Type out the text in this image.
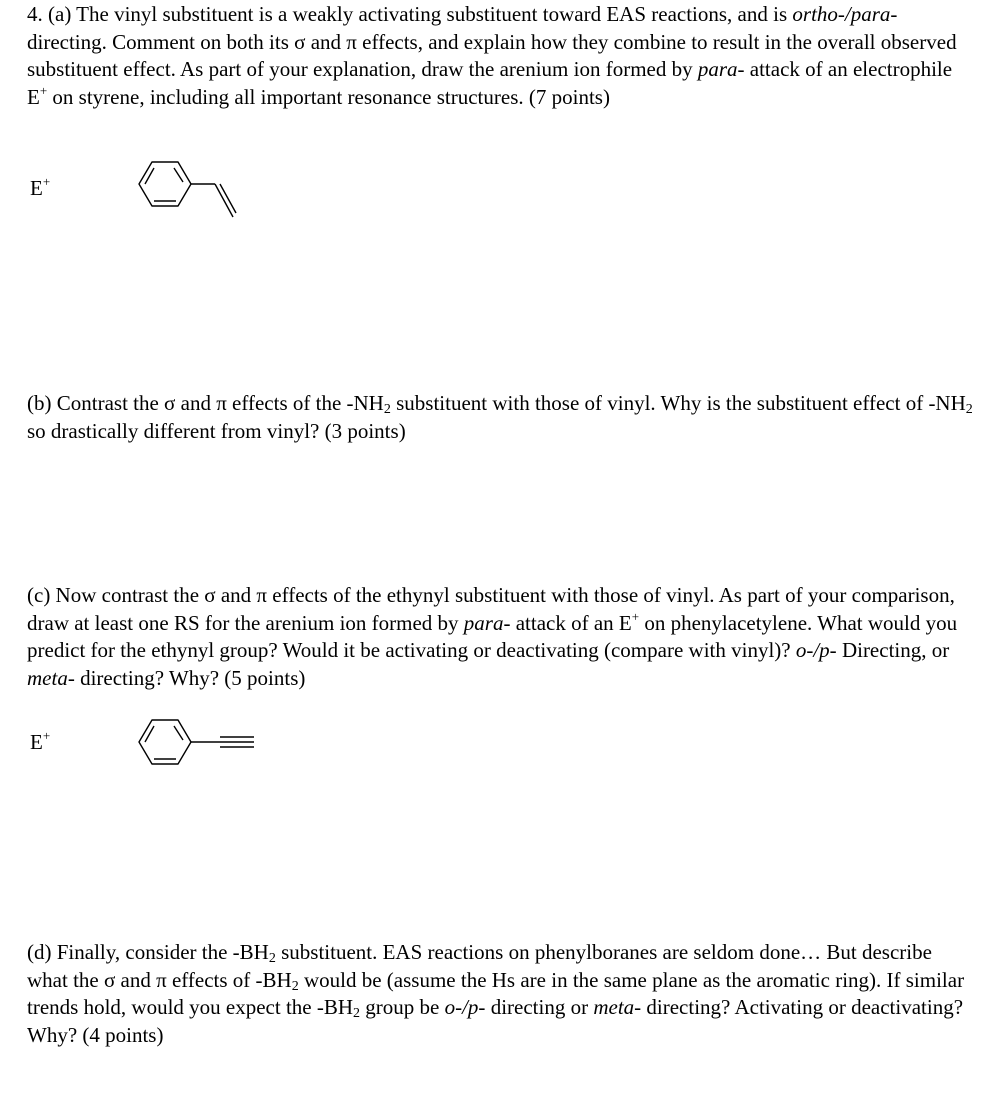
4. (a) The vinyl substituent is a weakly activating substituent toward EAS reactions, and is ortho-/para- directing. Comment on both its σ and π effects, and explain how they combine to result in the overall observed substituent effect. As part of your explanation, draw the arenium ion formed by para- attack of an electrophile E+ on styrene, including all important resonance structures. (7 points)
E+
(b) Contrast the σ and π effects of the $-NH_2$ substituent with those of vinyl. Why is the substituent effect of $-NH_2$ so drastically different from vinyl? (3 points)
(c) Now contrast the σ and π effects of the ethynyl substituent with those of vinyl. As part of your comparison, draw at least one RS for the arenium ion formed by para- attack of an E+ on phenylacetylene. What would you predict for the ethynyl group? Would it be activating or deactivating (compare with vinyl)? o-/p- Directing, or meta- directing? Why? (5 points)
E+
(d) Finally, consider the $-BH_2$ substituent. EAS reactions on phenylboranes are seldom done… But describe what the σ and π effects of $-BH_2$ would be (assume the Hs are in the same plane as the aromatic ring). If similar trends hold, would you expect the $-BH_2$ group be o-/p- directing or meta- directing? Activating or deactivating? Why? (4 points)
